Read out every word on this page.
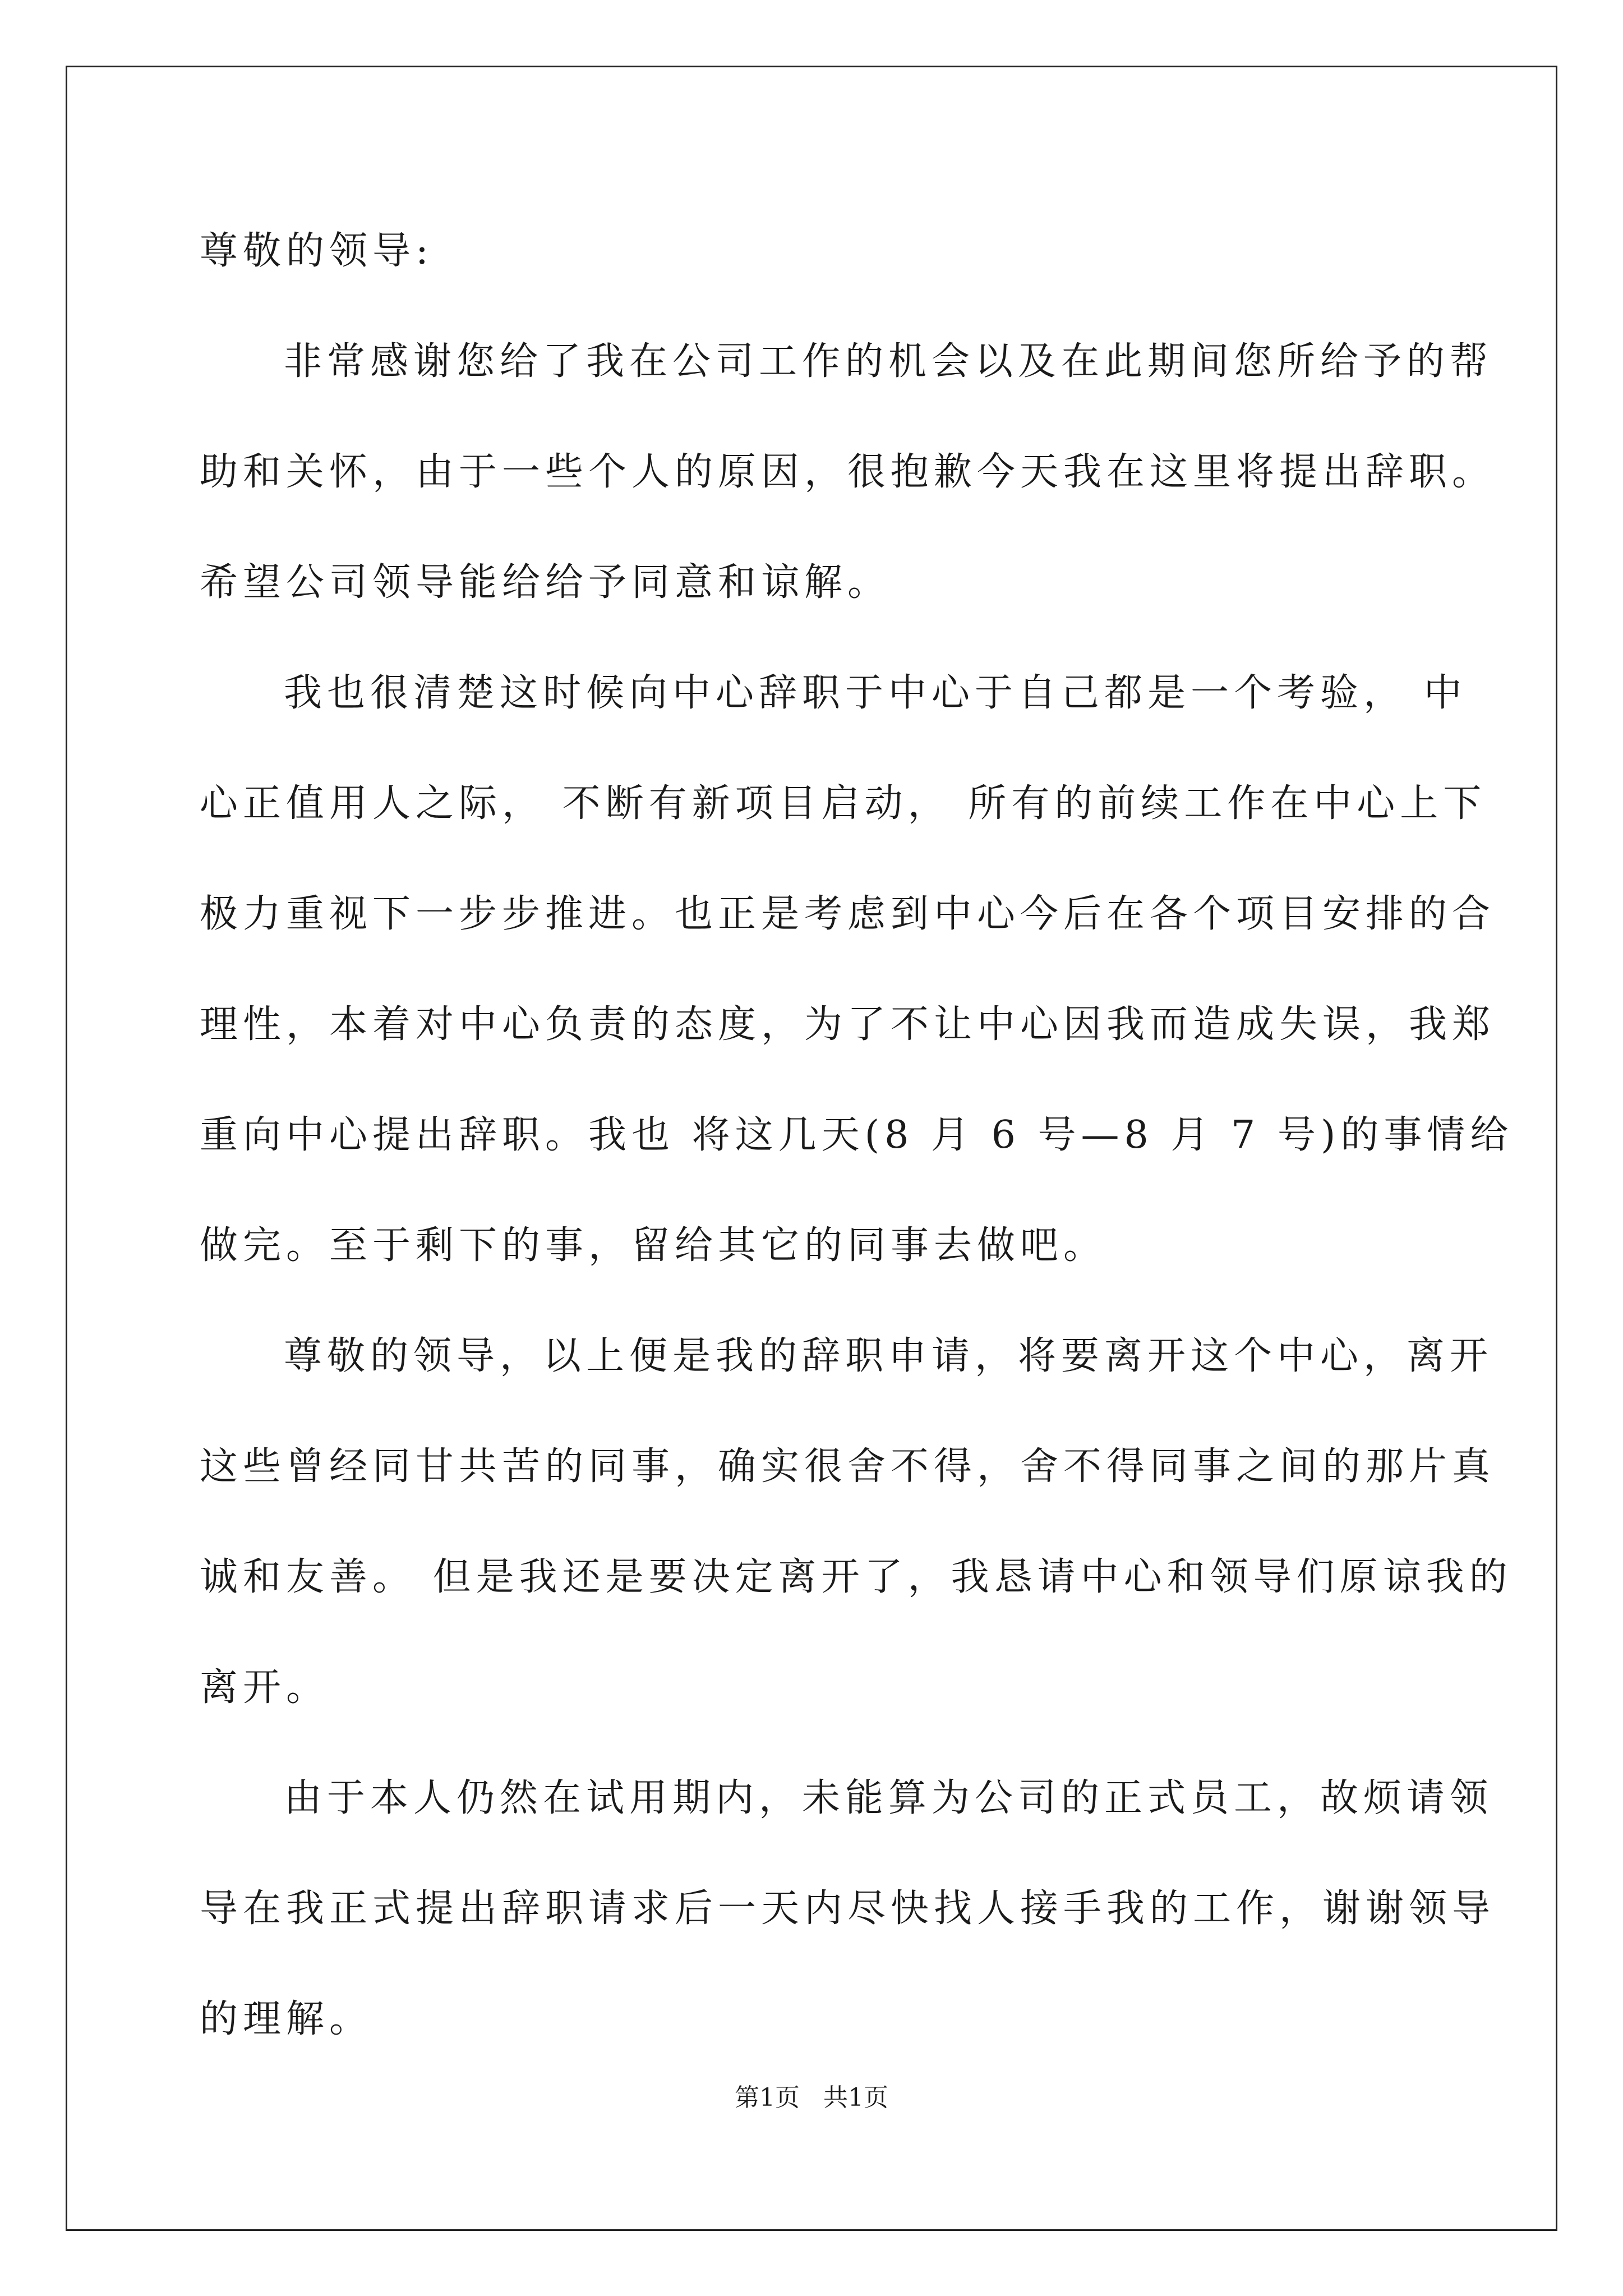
尊敬的领导:
非常感谢您给了我在公司工作的机会以及在此期间您所给予的帮
助和关怀，由于一些个人的原因，很抱歉今天我在这里将提出辞职。
希望公司领导能给给予同意和谅解。
我也很清楚这时候向中心辞职于中心于自己都是一个考验， 中
心正值用人之际， 不断有新项目启动， 所有的前续工作在中心上下
极力重视下一步步推进。也正是考虑到中心今后在各个项目安排的合
理性，本着对中心负责的态度，为了不让中心因我而造成失误，我郑
重向中心提出辞职。我也 将这几天(8 月 6 号—8 月 7 号)的事情给
做完。至于剩下的事，留给其它的同事去做吧。
尊敬的领导，以上便是我的辞职申请，将要离开这个中心，离开
这些曾经同甘共苦的同事，确实很舍不得，舍不得同事之间的那片真
诚和友善。 但是我还是要决定离开了，我恳请中心和领导们原谅我的
离开。
由于本人仍然在试用期内，未能算为公司的正式员工，故烦请领
导在我正式提出辞职请求后一天内尽快找人接手我的工作，谢谢领导
的理解。
第1页   共1页
